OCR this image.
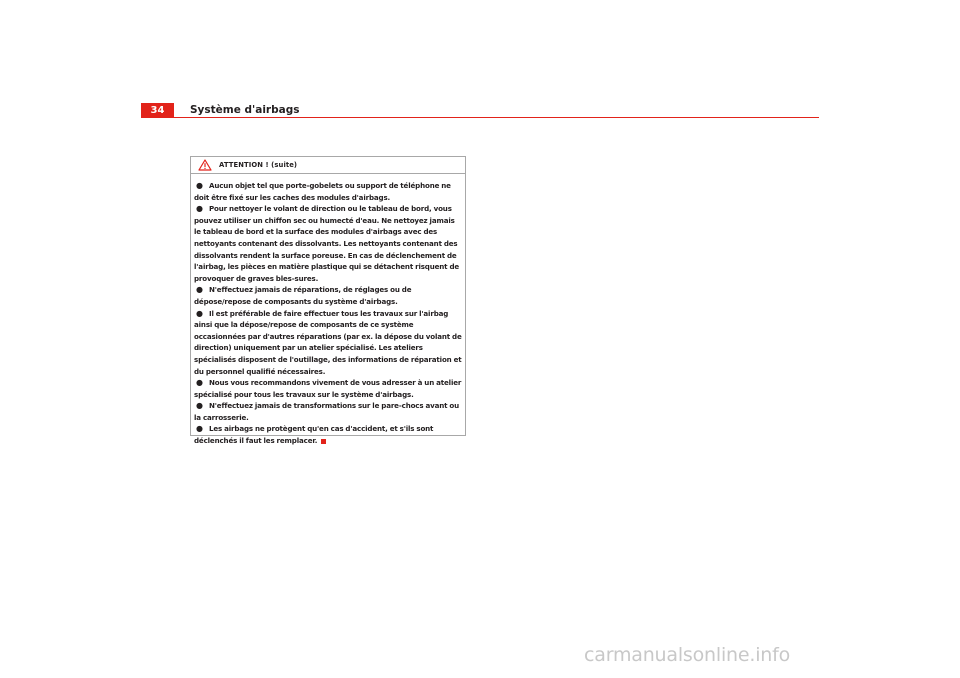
34	Système d'airbags
ATTENTION ! (suite)
● Aucun objet tel que porte-gobelets ou support de téléphone ne doit être fixé sur les caches des modules d'airbags.
● Pour nettoyer le volant de direction ou le tableau de bord, vous pouvez utiliser un chiffon sec ou humecté d'eau. Ne nettoyez jamais le tableau de bord et la surface des modules d'airbags avec des nettoyants contenant des dissolvants. Les nettoyants contenant des dissolvants rendent la surface poreuse. En cas de déclenchement de l'airbag, les pièces en matière plastique qui se détachent risquent de provoquer de graves bles-sures.
● N'effectuez jamais de réparations, de réglages ou de dépose/repose de composants du système d'airbags.
● Il est préférable de faire effectuer tous les travaux sur l'airbag ainsi que la dépose/repose de composants de ce système occasionnées par d'autres réparations (par ex. la dépose du volant de direction) uniquement par un atelier spécialisé. Les ateliers spécialisés disposent de l'outillage, des informations de réparation et du personnel qualifié nécessaires.
● Nous vous recommandons vivement de vous adresser à un atelier spécialisé pour tous les travaux sur le système d'airbags.
● N'effectuez jamais de transformations sur le pare-chocs avant ou la carrosserie.
● Les airbags ne protègent qu'en cas d'accident, et s'ils sont déclenchés il faut les remplacer.
carmanualsonline.info
